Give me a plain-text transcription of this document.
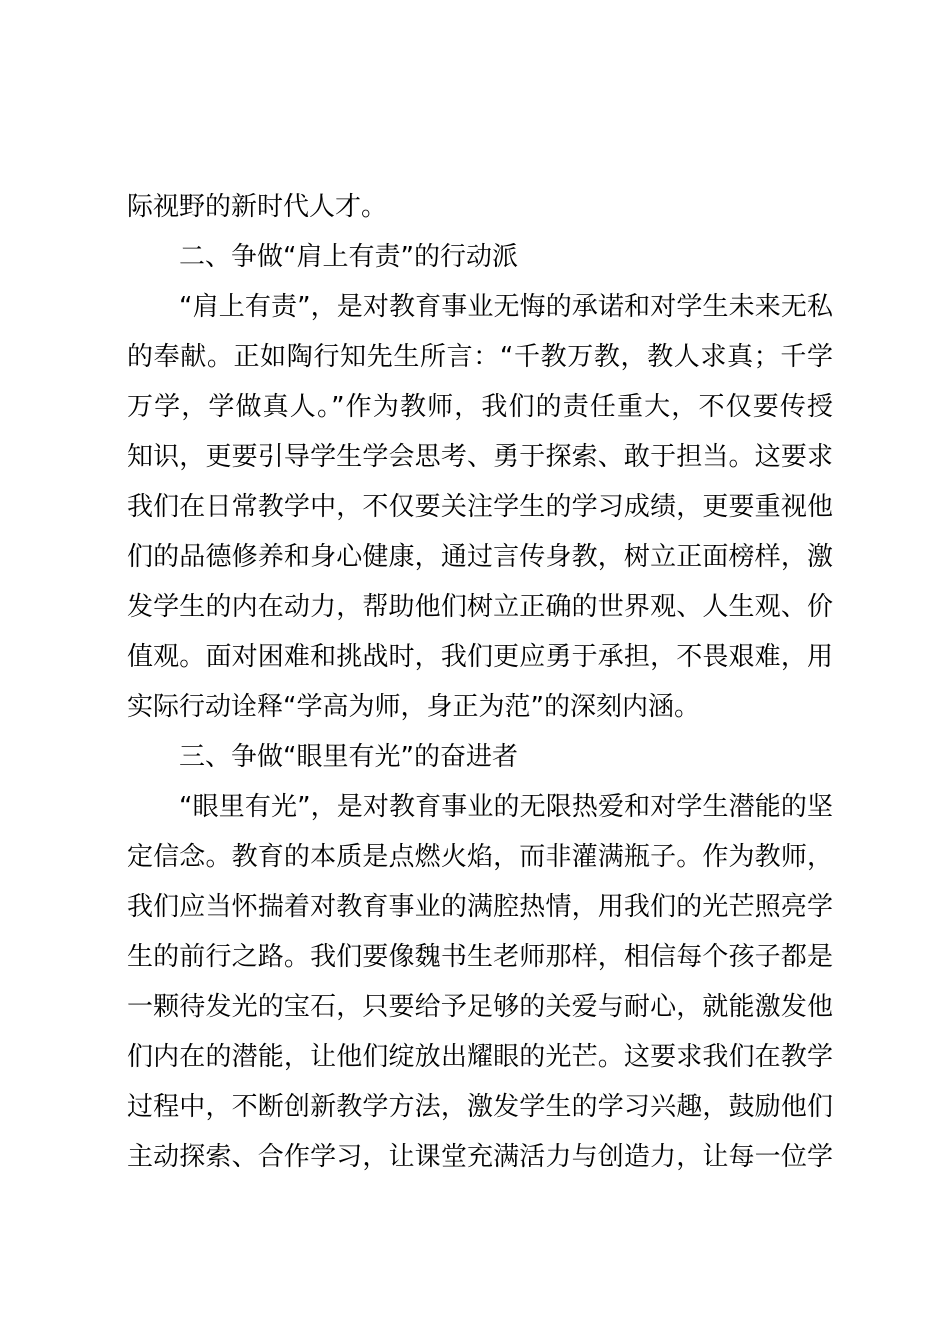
际视野的新时代人才。
二、争做“肩上有责”的行动派
“肩上有责”，是对教育事业无悔的承诺和对学生未来无私
的奉献。正如陶行知先生所言：“千教万教，教人求真；千学
万学，学做真人。”作为教师，我们的责任重大，不仅要传授
知识，更要引导学生学会思考、勇于探索、敢于担当。这要求
我们在日常教学中，不仅要关注学生的学习成绩，更要重视他
们的品德修养和身心健康，通过言传身教，树立正面榜样，激
发学生的内在动力，帮助他们树立正确的世界观、人生观、价
值观。面对困难和挑战时，我们更应勇于承担，不畏艰难，用
实际行动诠释“学高为师，身正为范”的深刻内涵。
三、争做“眼里有光”的奋进者
“眼里有光”，是对教育事业的无限热爱和对学生潜能的坚
定信念。教育的本质是点燃火焰，而非灌满瓶子。作为教师，
我们应当怀揣着对教育事业的满腔热情，用我们的光芒照亮学
生的前行之路。我们要像魏书生老师那样，相信每个孩子都是
一颗待发光的宝石，只要给予足够的关爱与耐心，就能激发他
们内在的潜能，让他们绽放出耀眼的光芒。这要求我们在教学
过程中，不断创新教学方法，激发学生的学习兴趣，鼓励他们
主动探索、合作学习，让课堂充满活力与创造力，让每一位学
